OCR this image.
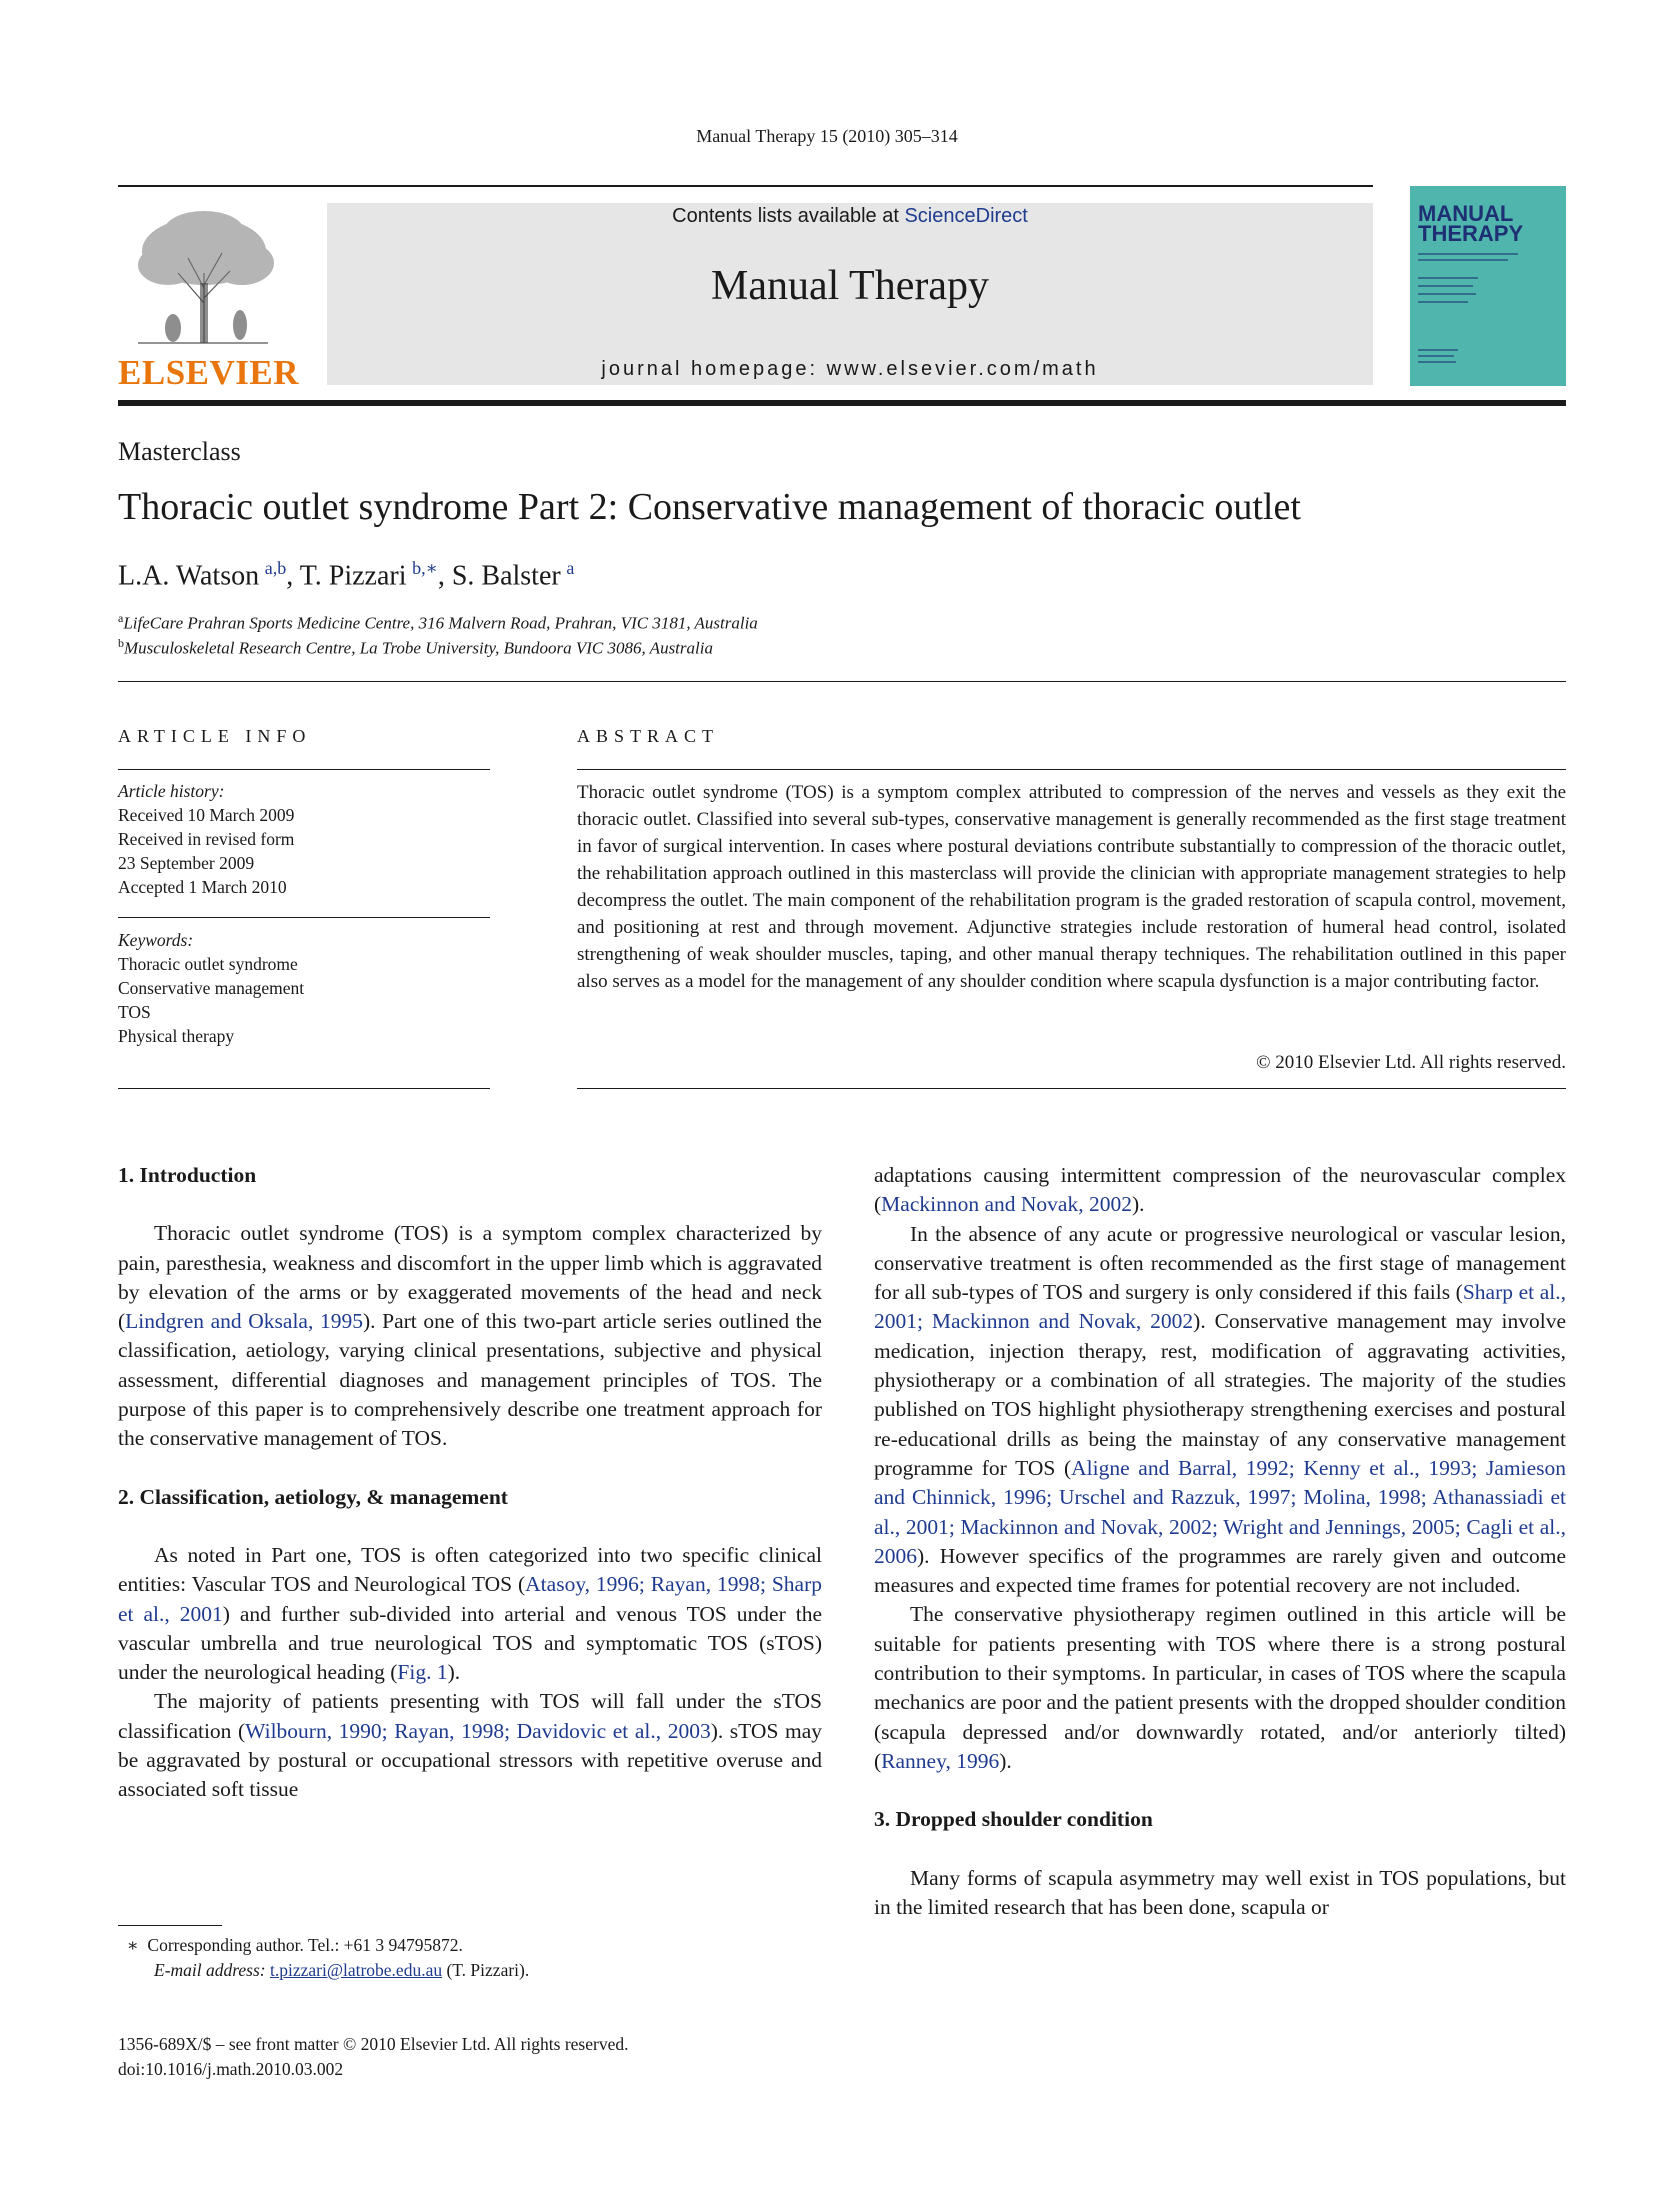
Manual Therapy 15 (2010) 305–314
ELSEVIER
Contents lists available at ScienceDirect
Manual Therapy
journal homepage: www.elsevier.com/math
MANUAL THERAPY
Masterclass
Thoracic outlet syndrome Part 2: Conservative management of thoracic outlet
L.A. Watson  $^{a,b}$, T. Pizzari  $^{b,∗}$, S. Balster  $^a$
$^a$LifeCare Prahran Sports Medicine Centre, 316 Malvern Road, Prahran, VIC 3181, Australia
$^b$Musculoskeletal Research Centre, La Trobe University, Bundoora VIC 3086, Australia
ARTICLE INFO
Article history:
Received 10 March 2009
Received in revised form
23 September 2009
Accepted 1 March 2010
Keywords:
Thoracic outlet syndrome
Conservative management
TOS
Physical therapy
ABSTRACT
Thoracic outlet syndrome (TOS) is a symptom complex attributed to compression of the nerves and vessels as they exit the thoracic outlet. Classified into several sub-types, conservative management is generally recommended as the first stage treatment in favor of surgical intervention. In cases where postural deviations contribute substantially to compression of the thoracic outlet, the rehabilitation approach outlined in this masterclass will provide the clinician with appropriate management strategies to help decompress the outlet. The main component of the rehabilitation program is the graded restoration of scapula control, movement, and positioning at rest and through movement. Adjunctive strategies include restoration of humeral head control, isolated strengthening of weak shoulder muscles, taping, and other manual therapy techniques. The rehabilitation outlined in this paper also serves as a model for the management of any shoulder condition where scapula dysfunction is a major contributing factor.
© 2010 Elsevier Ltd. All rights reserved.
1. Introduction

Thoracic outlet syndrome (TOS) is a symptom complex characterized by pain, paresthesia, weakness and discomfort in the upper limb which is aggravated by elevation of the arms or by exaggerated movements of the head and neck (Lindgren and Oksala, 1995). Part one of this two-part article series outlined the classification, aetiology, varying clinical presentations, subjective and physical assessment, differential diagnoses and management principles of TOS. The purpose of this paper is to comprehensively describe one treatment approach for the conservative management of TOS.

2. Classification, aetiology, & management

As noted in Part one, TOS is often categorized into two specific clinical entities: Vascular TOS and Neurological TOS (Atasoy, 1996; Rayan, 1998; Sharp et al., 2001) and further sub-divided into arterial and venous TOS under the vascular umbrella and true neurological TOS and symptomatic TOS (sTOS) under the neurological heading (Fig. 1).

The majority of patients presenting with TOS will fall under the sTOS classification (Wilbourn, 1990; Rayan, 1998; Davidovic et al., 2003). sTOS may be aggravated by postural or occupational stressors with repetitive overuse and associated soft tissue

adaptations causing intermittent compression of the neurovascular complex (Mackinnon and Novak, 2002).

In the absence of any acute or progressive neurological or vascular lesion, conservative treatment is often recommended as the first stage of management for all sub-types of TOS and surgery is only considered if this fails (Sharp et al., 2001; Mackinnon and Novak, 2002). Conservative management may involve medication, injection therapy, rest, modification of aggravating activities, physiotherapy or a combination of all strategies. The majority of the studies published on TOS highlight physiotherapy strengthening exercises and postural re-educational drills as being the mainstay of any conservative management programme for TOS (Aligne and Barral, 1992; Kenny et al., 1993; Jamieson and Chinnick, 1996; Urschel and Razzuk, 1997; Molina, 1998; Athanassiadi et al., 2001; Mackinnon and Novak, 2002; Wright and Jennings, 2005; Cagli et al., 2006). However specifics of the programmes are rarely given and outcome measures and expected time frames for potential recovery are not included.

The conservative physiotherapy regimen outlined in this article will be suitable for patients presenting with TOS where there is a strong postural contribution to their symptoms. In particular, in cases of TOS where the scapula mechanics are poor and the patient presents with the dropped shoulder condition (scapula depressed and/or downwardly rotated, and/or anteriorly tilted) (Ranney, 1996).

3. Dropped shoulder condition

Many forms of scapula asymmetry may well exist in TOS populations, but in the limited research that has been done, scapula or

∗ Corresponding author. Tel.: +61 3 94795872.
E-mail address: t.pizzari@latrobe.edu.au (T. Pizzari).
1356-689X/$ – see front matter © 2010 Elsevier Ltd. All rights reserved.
doi:10.1016/j.math.2010.03.002
